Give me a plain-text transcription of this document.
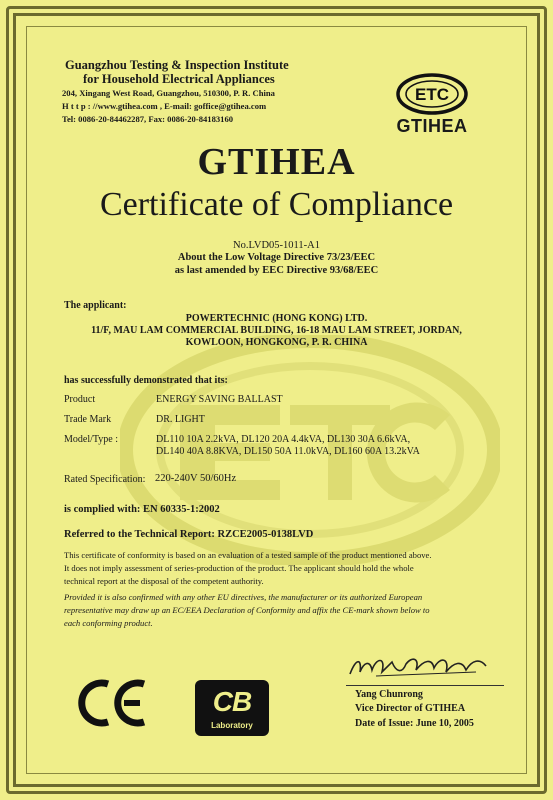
Guangzhou Testing & Inspection Institute
for Household Electrical Appliances
204, Xingang West Road, Guangzhou, 510300, P. R. China
H t t p : //www.gtihea.com , E-mail: goffice@gtihea.com
Tel: 0086-20-84462287, Fax: 0086-20-84183160
ETC
GTIHEA
GTIHEA
Certificate of Compliance
No.LVD05-1011-A1
About the Low Voltage Directive 73/23/EEC
as last amended by EEC Directive 93/68/EEC
The applicant:
POWERTECHNIC (HONG KONG) LTD.
11/F, MAU LAM COMMERCIAL BUILDING, 16-18 MAU LAM STREET, JORDAN,
KOWLOON, HONGKONG, P. R. CHINA
has successfully demonstrated that its:
Product	ENERGY SAVING BALLAST
Trade Mark	DR. LIGHT
Model/Type :	DL110 10A 2.2kVA, DL120 20A 4.4kVA, DL130 30A 6.6kVA,
DL140 40A 8.8KVA, DL150 50A 11.0kVA, DL160 60A 13.2kVA
Rated Specification: 220-240V 50/60Hz
is complied with: EN 60335-1:2002
Referred to the Technical Report: RZCE2005-0138LVD
This certificate of conformity is based on an evaluation of a tested sample of the product mentioned above.
It does not imply assessment of series-production of the product. The applicant should hold the whole
technical report at the disposal of the competent authority.
Provided it is also confirmed with any other EU directives, the manufacturer or its authorized European
representative may draw up an EC/EEA Declaration of Conformity and affix the CE-mark shown below to
each conforming product.
Yang Chunrong
Vice Director of GTIHEA
Date of Issue: June 10, 2005
CB
Laboratory
